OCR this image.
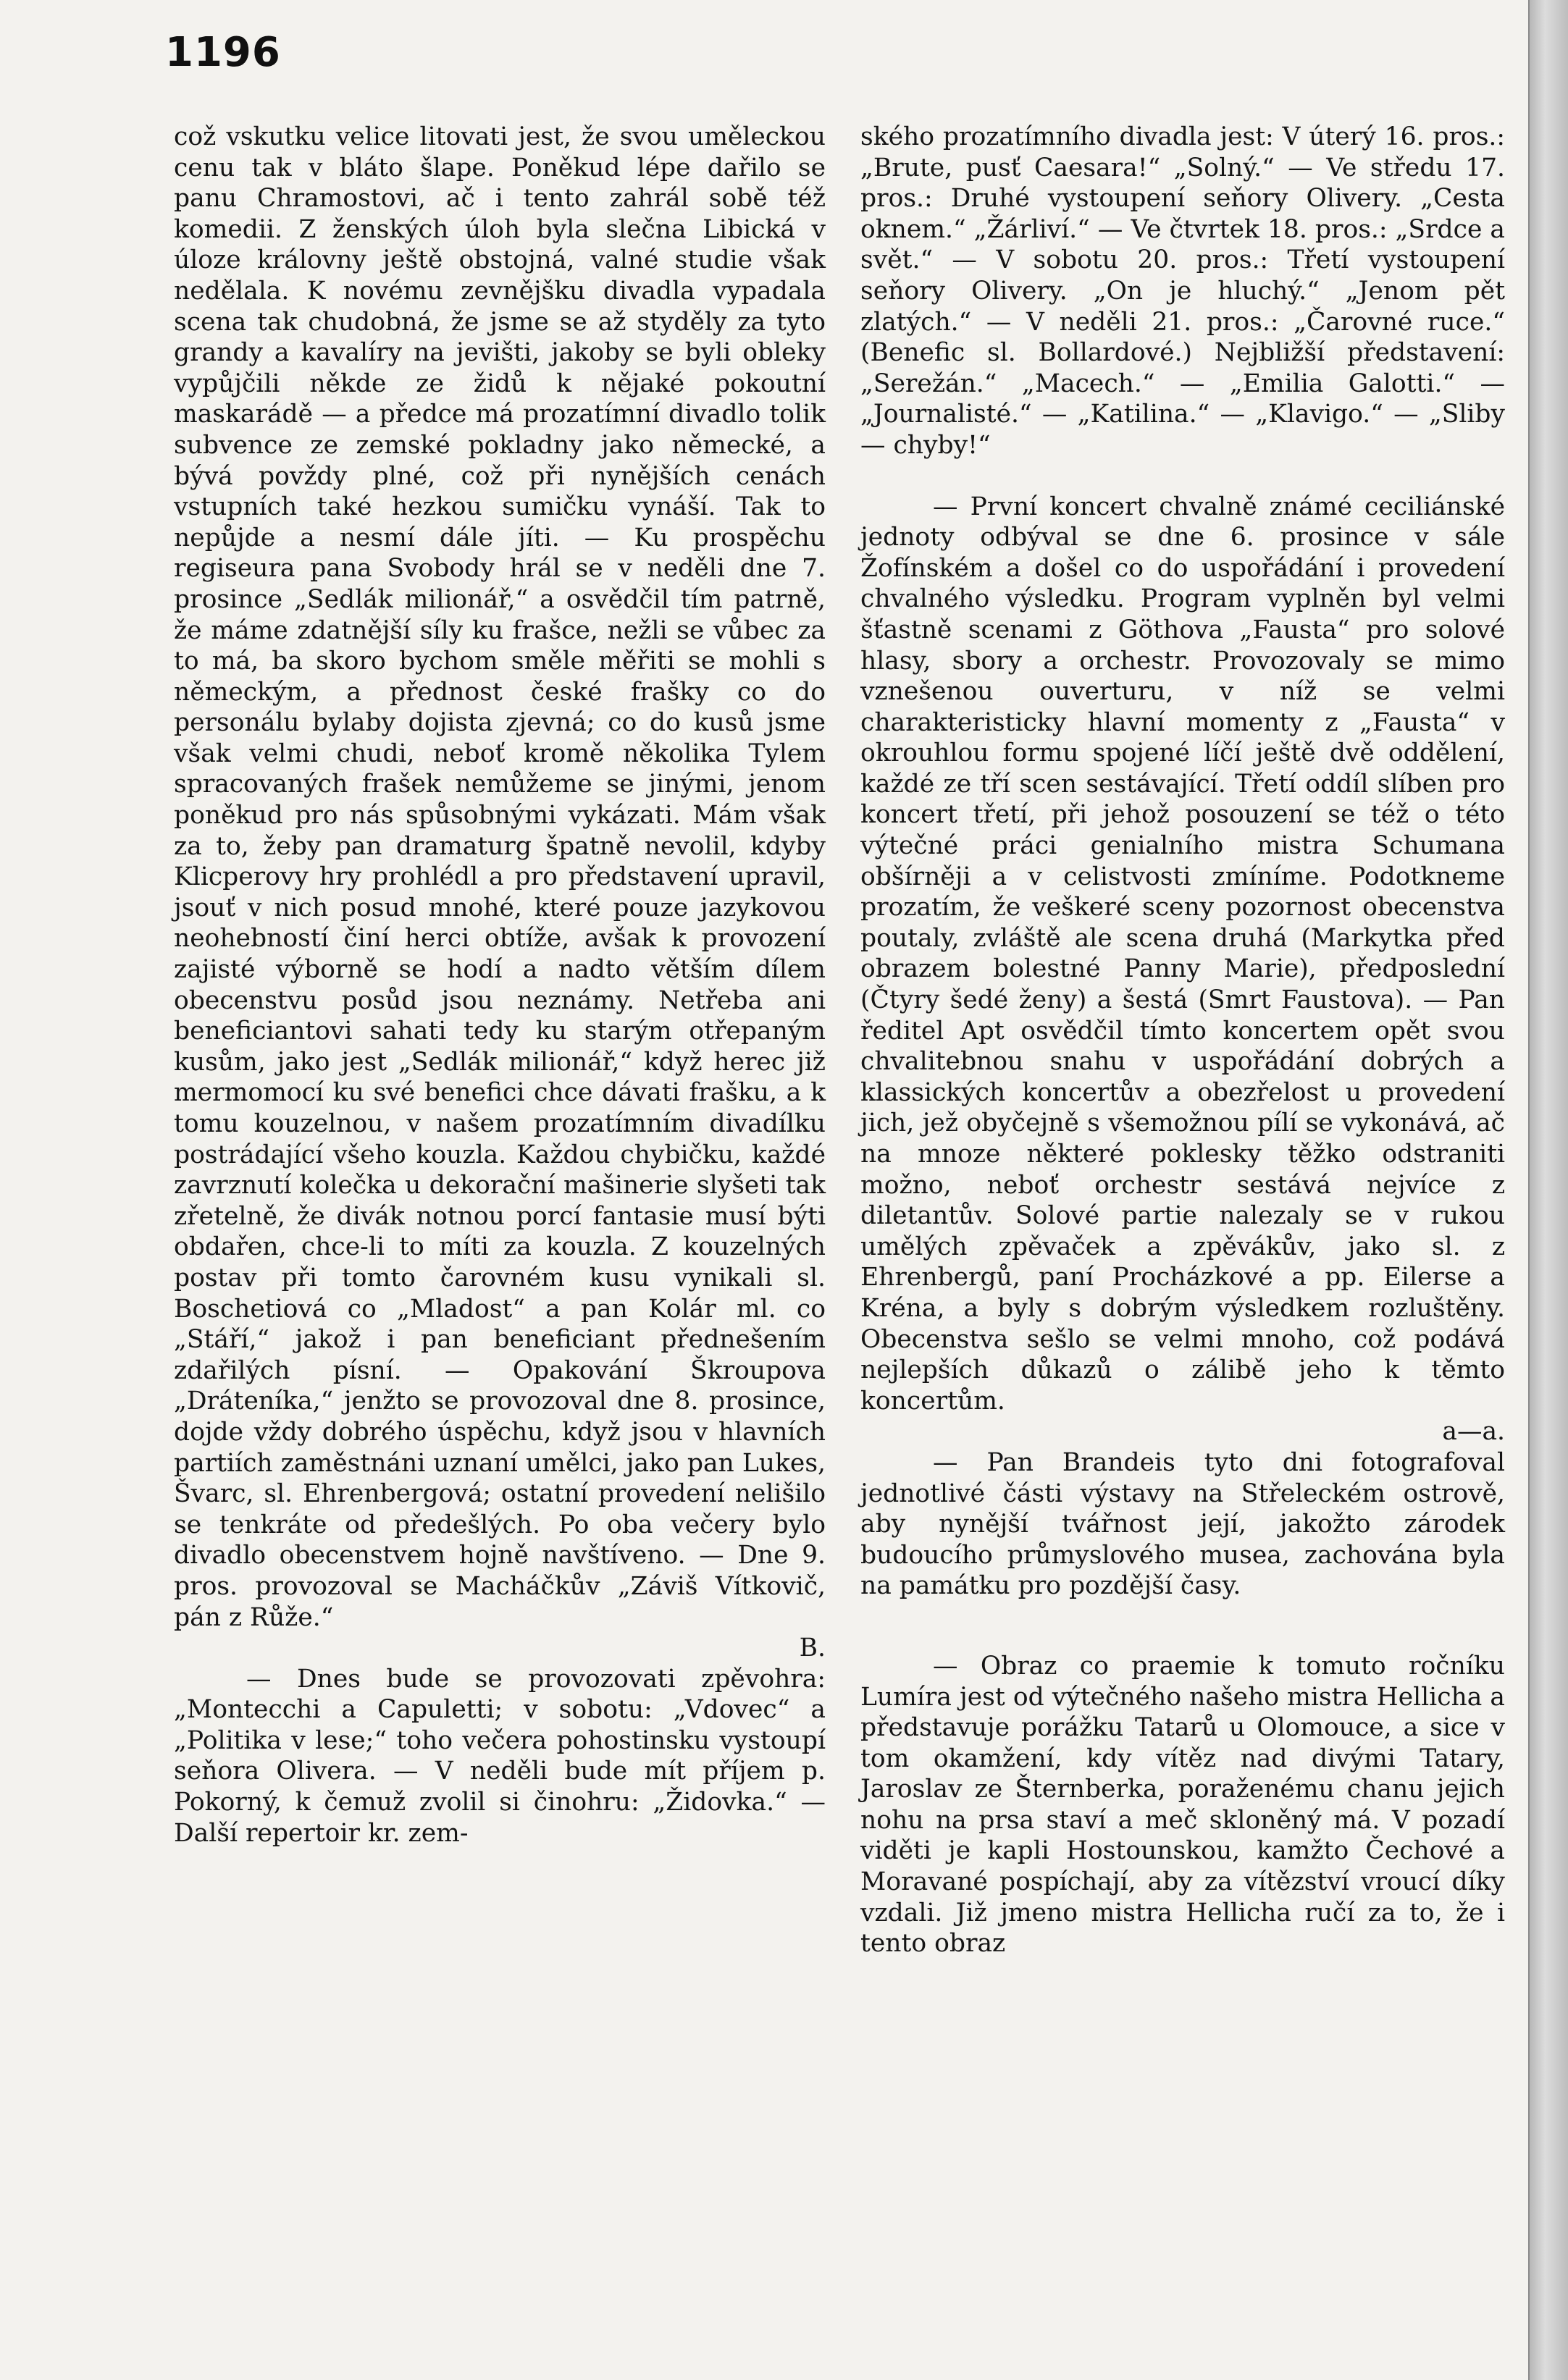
1196

což vskutku velice litovati jest, že svou uměleckou cenu tak v bláto šlape. Poněkud lépe dařilo se panu Chramostovi, ač i tento zahrál sobě též komedii. Z ženských úloh byla slečna Libická v úloze královny ještě obstojná, valné studie však nedělala. K novému zevnějšku divadla vypadala scena tak chudobná, že jsme se až styděly za tyto grandy a kavalíry na jevišti, jakoby se byli obleky vypůjčili někde ze židů k nějaké pokoutní maskarádě — a předce má prozatímní divadlo tolik subvence ze zemské pokladny jako německé, a bývá povždy plné, což při nynějších cenách vstupních také hezkou sumičku vynáší. Tak to nepůjde a nesmí dále jíti. — Ku prospěchu regiseura pana Svobody hrál se v neděli dne 7. prosince „Sedlák milionář,“ a osvědčil tím patrně, že máme zdatnější síly ku frašce, nežli se vůbec za to má, ba skoro bychom směle měřiti se mohli s německým, a přednost české frašky co do personálu bylaby dojista zjevná; co do kusů jsme však velmi chudi, neboť kromě několika Tylem spracovaných frašek nemůžeme se jinými, jenom poněkud pro nás spůsobnými vykázati. Mám však za to, žeby pan dramaturg špatně nevolil, kdyby Klicperovy hry prohlédl a pro představení upravil, jsouť v nich posud mnohé, které pouze jazykovou neohebností činí herci obtíže, avšak k provození zajisté výborně se hodí a nadto větším dílem obecenstvu posůd jsou neznámy. Netřeba ani beneficiantovi sahati tedy ku starým otřepaným kusům, jako jest „Sedlák milionář,“ když herec již mermomocí ku své benefici chce dávati frašku, a k tomu kouzelnou, v našem prozatímním divadílku postrádající všeho kouzla. Každou chybičku, každé zavrznutí kolečka u dekorační mašinerie slyšeti tak zřetelně, že divák notnou porcí fantasie musí býti obdařen, chce-li to míti za kouzla. Z kouzelných postav při tomto čarovném kusu vynikali sl. Boschetiová co „Mladost“ a pan Kolár ml. co „Stáří,“ jakož i pan beneficiant přednešením zdařilých písní. — Opakování Škroupova „Dráteníka,“ jenžto se provozoval dne 8. prosince, dojde vždy dobrého úspěchu, když jsou v hlavních partiích zaměstnáni uznaní umělci, jako pan Lukes, Švarc, sl. Ehrenbergová; ostatní provedení nelišilo se tenkráte od předešlých. Po oba večery bylo divadlo obecenstvem hojně navštíveno. — Dne 9. pros. provozoval se Macháčkův „Záviš Vítkovič, pán z Růže.“

B.

— Dnes bude se provozovati zpěvohra: „Montecchi a Capuletti; v sobotu: „Vdovec“ a „Politika v lese;“ toho večera pohostinsku vystoupí seňora Olivera. — V neděli bude mít příjem p. Pokorný, k čemuž zvolil si činohru: „Židovka.“ — Další repertoir kr. zem-

ského prozatímního divadla jest: V úterý 16. pros.: „Brute, pusť Caesara!“ „Solný.“ — Ve středu 17. pros.: Druhé vystoupení seňory Olivery. „Cesta oknem.“ „Žárliví.“ — Ve čtvrtek 18. pros.: „Srdce a svět.“ — V sobotu 20. pros.: Třetí vystoupení seňory Olivery. „On je hluchý.“ „Jenom pět zlatých.“ — V neděli 21. pros.: „Čarovné ruce.“ (Benefic sl. Bollardové.) Nejbližší představení: „Serežán.“ „Macech.“ — „Emilia Galotti.“ — „Journalisté.“ — „Katilina.“ — „Klavigo.“ — „Sliby — chyby!“

— První koncert chvalně známé ceciliánské jednoty odbýval se dne 6. prosince v sále Žofínském a došel co do uspořádání i provedení chvalného výsledku. Program vyplněn byl velmi šťastně scenami z Göthova „Fausta“ pro solové hlasy, sbory a orchestr. Provozovaly se mimo vznešenou ouverturu, v níž se velmi charakteristicky hlavní momenty z „Fausta“ v okrouhlou formu spojené líčí ještě dvě oddělení, každé ze tří scen sestávající. Třetí oddíl slíben pro koncert třetí, při jehož posouzení se též o této výtečné práci genialního mistra Schumana obšírněji a v celistvosti zmíníme. Podotkneme prozatím, že veškeré sceny pozornost obecenstva poutaly, zvláště ale scena druhá (Markytka před obrazem bolestné Panny Marie), předposlední (Čtyry šedé ženy) a šestá (Smrt Faustova). — Pan ředitel Apt osvědčil tímto koncertem opět svou chvalitebnou snahu v uspořádání dobrých a klassických koncertův a obezřelost u provedení jich, jež obyčejně s všemožnou pílí se vykonává, ač na mnoze některé poklesky těžko odstraniti možno, neboť orchestr sestává nejvíce z diletantův. Solové partie nalezaly se v rukou umělých zpěvaček a zpěvákův, jako sl. z Ehrenbergů, paní Procházkové a pp. Eilerse a Kréna, a byly s dobrým výsledkem rozluštěny. Obecenstva sešlo se velmi mnoho, což podává nejlepších důkazů o zálibě jeho k těmto koncertům.

a—a.

— Pan Brandeis tyto dni fotografoval jednotlivé části výstavy na Střeleckém ostrově, aby nynější tvářnost její, jakožto zárodek budoucího průmyslového musea, zachována byla na památku pro pozdější časy.

— Obraz co praemie k tomuto ročníku Lumíra jest od výtečného našeho mistra Hellicha a představuje porážku Tatarů u Olomouce, a sice v tom okamžení, kdy vítěz nad divými Tatary, Jaroslav ze Šternberka, poraženému chanu jejich nohu na prsa staví a meč skloněný má. V pozadí viděti je kapli Hostounskou, kamžto Čechové a Moravané pospíchají, aby za vítězství vroucí díky vzdali. Již jmeno mistra Hellicha ručí za to, že i tento obraz
